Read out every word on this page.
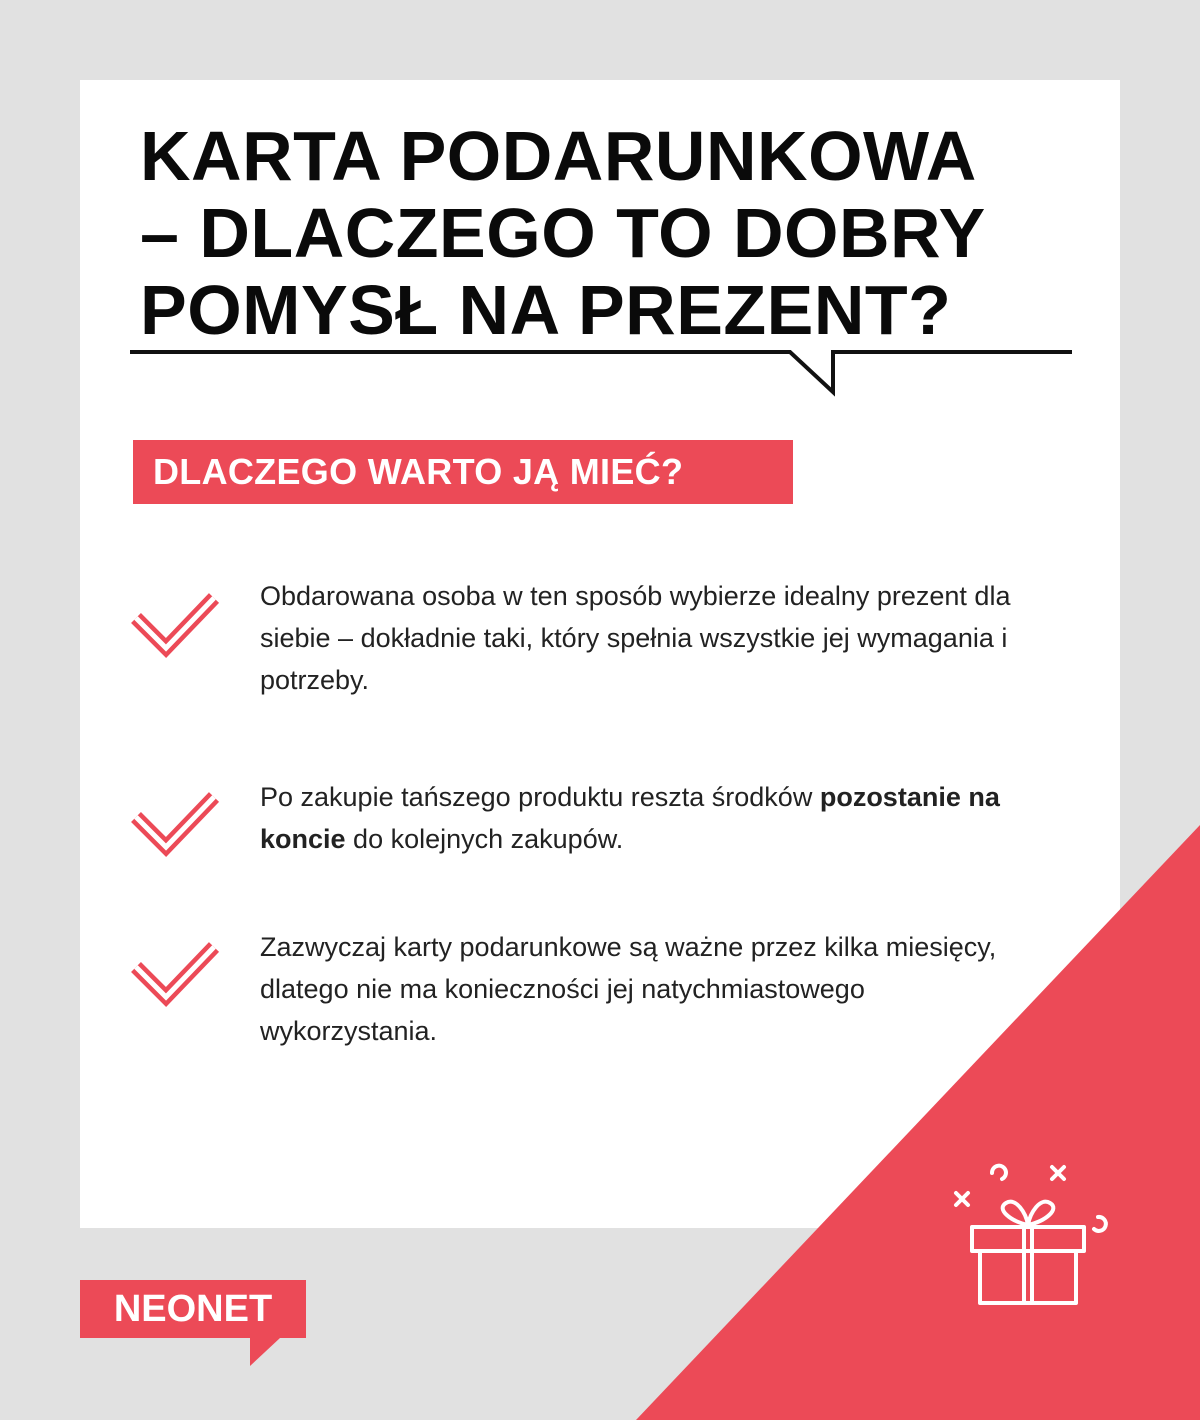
KARTA PODARUNKOWA
– DLACZEGO TO DOBRY
POMYSŁ NA PREZENT?
DLACZEGO WARTO JĄ MIEĆ?

Obdarowana osoba w ten sposób wybierze idealny prezent dla siebie – dokładnie taki, który spełnia wszystkie jej wymagania i potrzeby.

Po zakupie tańszego produktu reszta środków pozostanie na koncie do kolejnych zakupów.

Zazwyczaj karty podarunkowe są ważne przez kilka miesięcy, dlatego nie ma konieczności jej natychmiastowego wykorzystania.

NEONET
